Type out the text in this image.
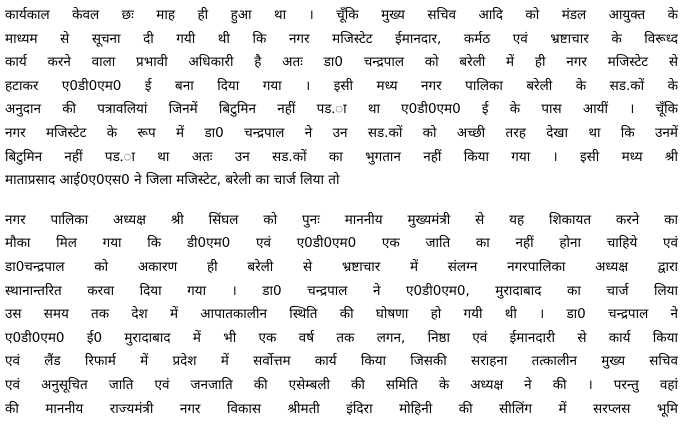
कार्यकाल केवल छः माह ही हुआ था । चूँकि मुख्य सचिव आदि को मंडल आयुक्त के
माध्यम से सूचना दी गयी थी कि नगर मजिस्टेट ईमानदार, कर्मठ एवं भ्रष्टाचार के विरूध्द
कार्य करने वाला प्रभावी अधिकारी है अतः डा0 चन्द्रपाल को बरेली में ही नगर मजिस्टेट से
हटाकर ए0डी0एम0 ई बना दिया गया । इसी मध्य नगर पालिका बरेली के सड.कों के
अनुदान की पत्रावलियां जिनमें बिटुमिन नहीं पड.ा था ए0डी0एम0 ई के पास आयीं । चूँकि
नगर मजिस्टेट के रूप में डा0 चन्द्रपाल ने उन सड.कों को अच्छी तरह देखा था कि उनमें
बिटुमिन नहीं पड.ा था अतः उन सड.कों का भुगतान नहीं किया गया । इसी मध्य श्री
माताप्रसाद आई0ए0एस0 ने जिला मजिस्टेट, बरेली का चार्ज लिया तो
नगर पालिका अध्यक्ष श्री सिंघल को पुनः माननीय मुख्यमंत्री से यह शिकायत करने का
मौका मिल गया कि डी0एम0 एवं ए0डी0एम0 एक जाति का नहीं होना चाहिये एवं
डा0चन्द्रपाल को अकारण ही बरेली से भ्रष्टाचार में संलग्न नगरपालिका अध्यक्ष द्वारा
स्थानान्तरित करवा दिया गया । डा0 चन्द्रपाल ने ए0डी0एम0, मुरादाबाद का चार्ज लिया
उस समय तक देश में आपातकालीन स्थिति की घोषणा हो गयी थी । डा0 चन्द्रपाल ने
ए0डी0एम0 ई0 मुरादाबाद में भी एक वर्ष तक लगन, निष्ठा एवं ईमानदारी से कार्य किया
एवं लैंड रिफार्म में प्रदेश में सर्वोत्तम कार्य किया जिसकी सराहना तत्कालीन मुख्य सचिव
एवं अनुसूचित जाति एवं जनजाति की एसेम्बली की समिति के अध्यक्ष ने की । परन्तु वहां
की माननीय राज्यमंत्री नगर विकास श्रीमती इंदिरा मोहिनी की सीलिंग में सरप्लस भूमि
